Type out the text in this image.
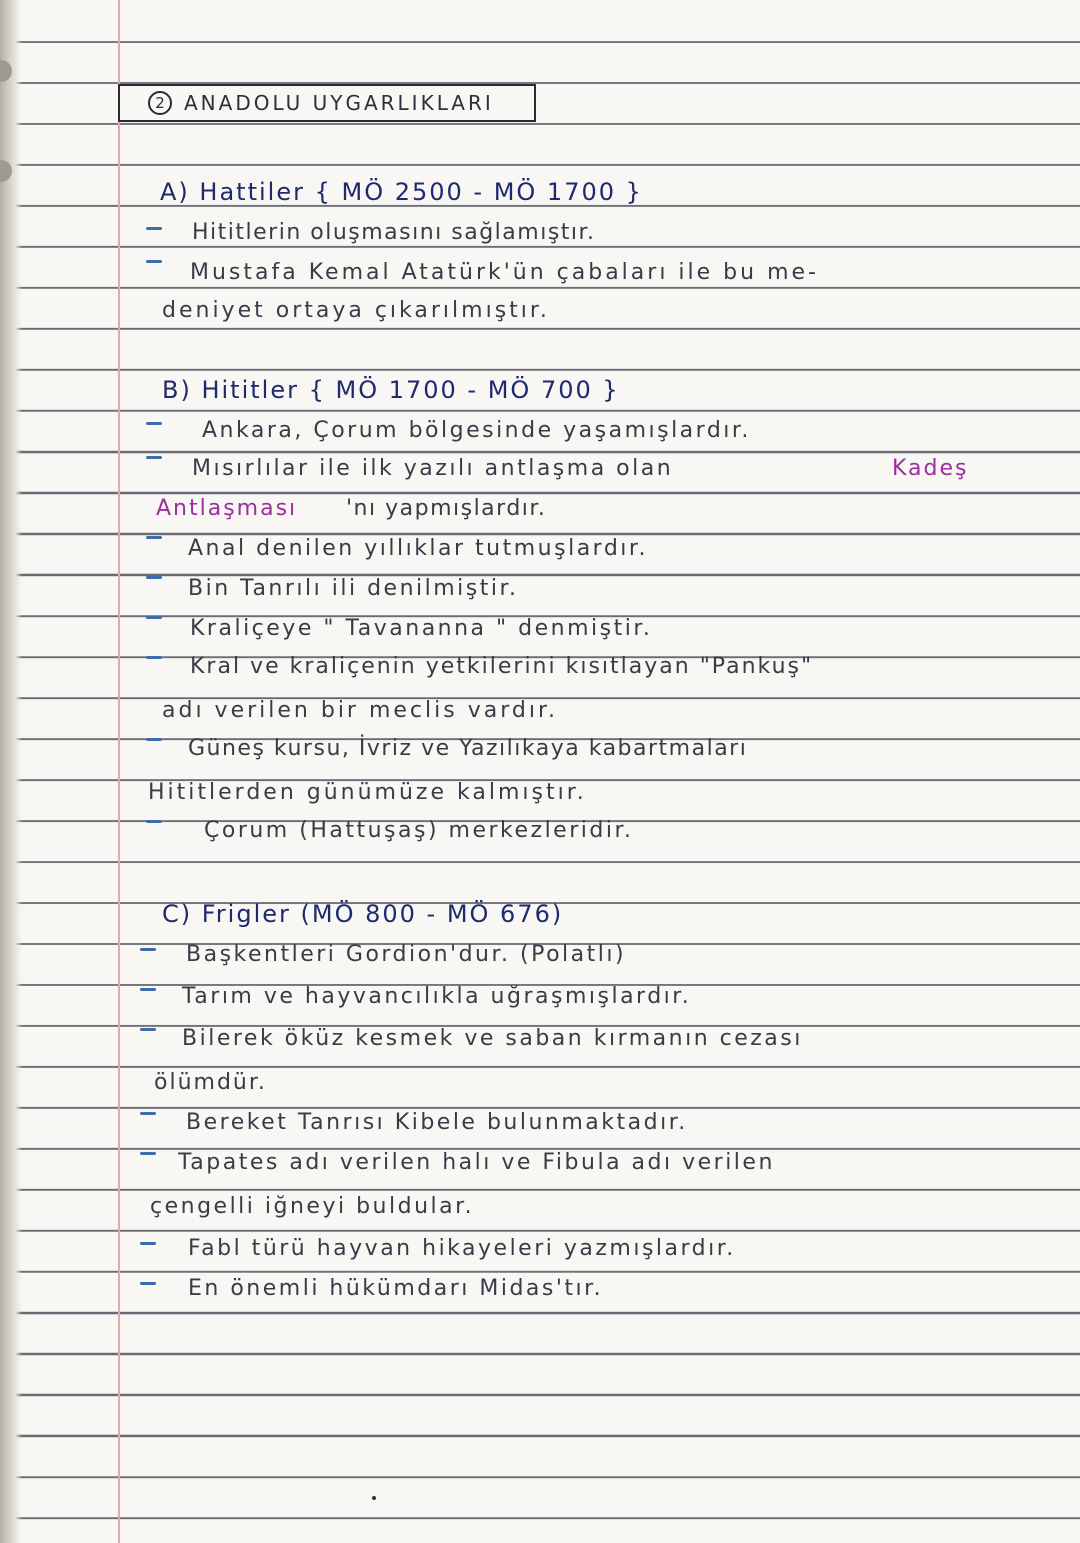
2 ANADOLU UYGARLIKLARI
A) Hattiler { MÖ 2500 - MÖ 1700 }
Hititlerin oluşmasını sağlamıştır.
Mustafa Kemal Atatürk'ün çabaları ile bu me-
deniyet ortaya çıkarılmıştır.
B) Hititler { MÖ 1700 - MÖ 700 }
Ankara, Çorum bölgesinde yaşamışlardır.
Mısırlılar ile ilk yazılı antlaşma olan	Kadeş
Antlaşması 'nı yapmışlardır.
Anal denilen yıllıklar tutmuşlardır.
Bin Tanrılı ili denilmiştir.
Kraliçeye " Tavananna " denmiştir.
Kral ve kraliçenin yetkilerini kısıtlayan "Pankuş"
adı verilen bir meclis vardır.
Güneş kursu, İvriz ve Yazılıkaya kabartmaları
Hititlerden günümüze kalmıştır.
Çorum (Hattuşaş) merkezleridir.
C) Frigler (MÖ 800 - MÖ 676)
Başkentleri Gordion'dur. (Polatlı)
Tarım ve hayvancılıkla uğraşmışlardır.
Bilerek öküz kesmek ve saban kırmanın cezası
ölümdür.
Bereket Tanrısı Kibele bulunmaktadır.
Tapates adı verilen halı ve Fibula adı verilen
çengelli iğneyi buldular.
Fabl türü hayvan hikayeleri yazmışlardır.
En önemli hükümdarı Midas'tır.
